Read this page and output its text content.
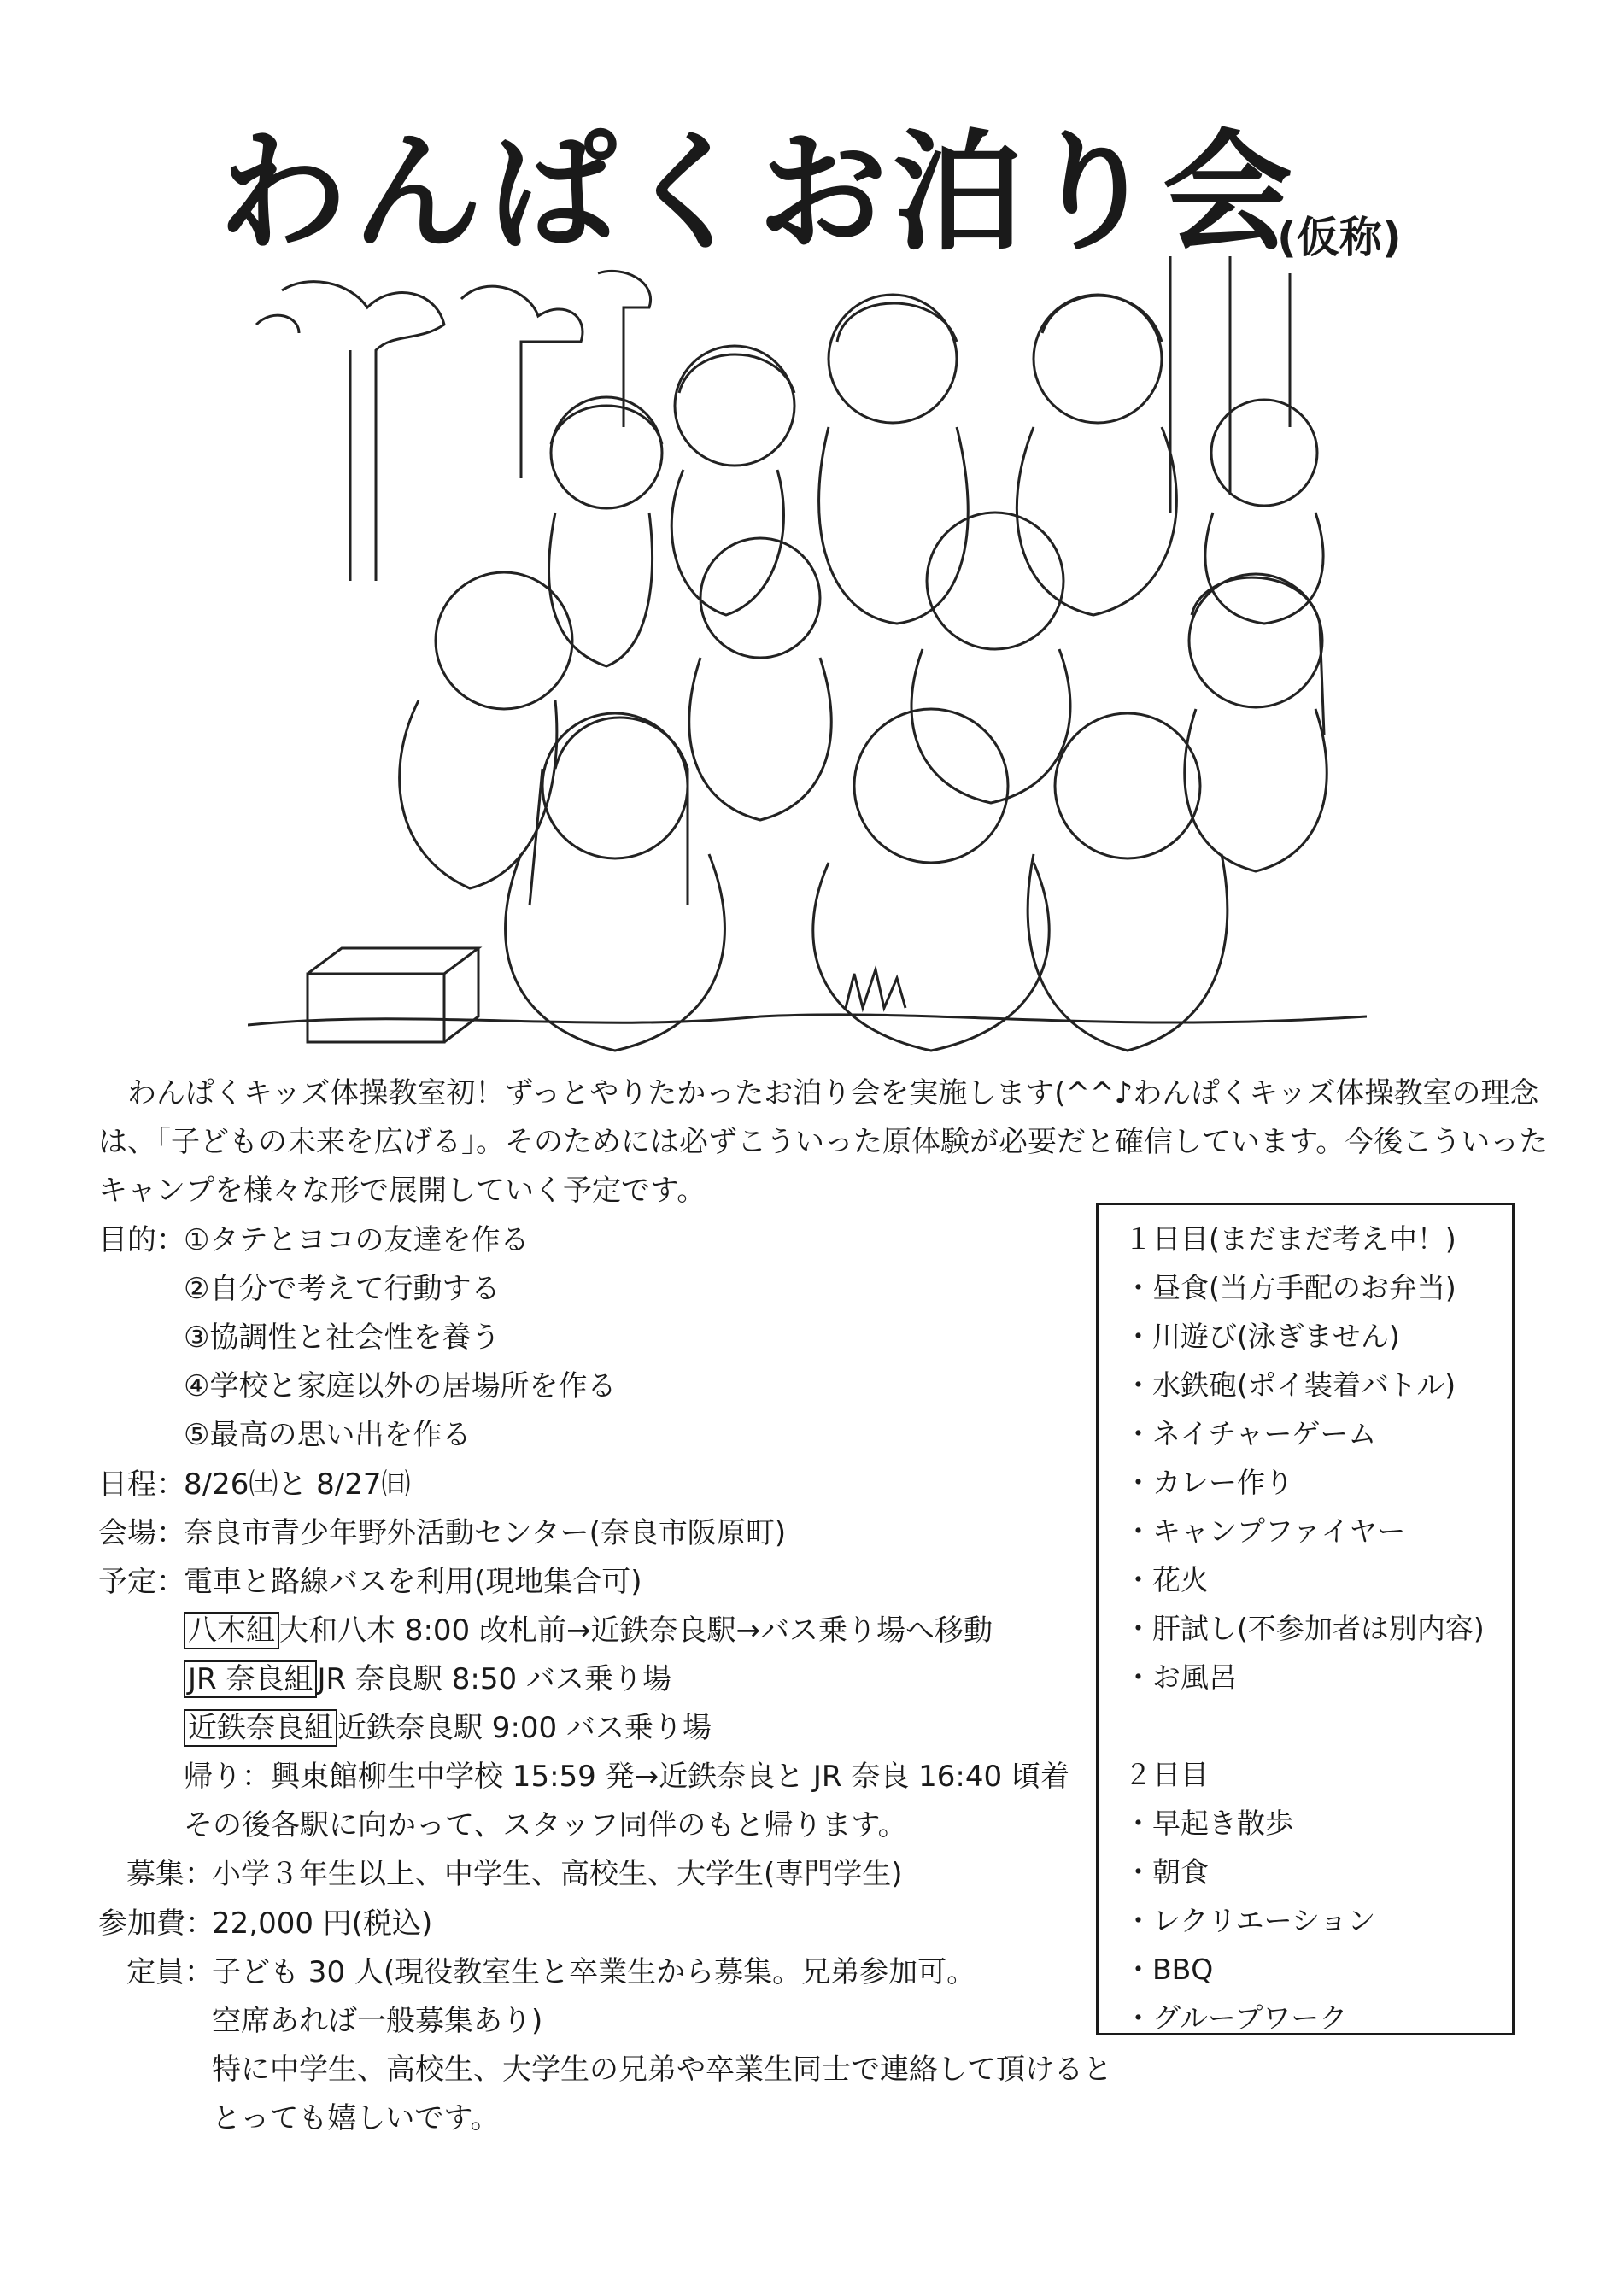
わんぱくお泊り会
(仮称)
　わんぱくキッズ体操教室初！ずっとやりたかったお泊り会を実施します(^^♪わんぱくキッズ体操教室の理念
は、「子どもの未来を広げる」。そのためには必ずこういった原体験が必要だと確信しています。今後こういった
キャンプを様々な形で展開していく予定です。
目的：
①タテとヨコの友達を作る
②自分で考えて行動する
③協調性と社会性を養う
④学校と家庭以外の居場所を作る
⑤最高の思い出を作る
日程：
8/26㈯と 8/27㈰
会場：
奈良市青少年野外活動センター(奈良市阪原町)
予定：
電車と路線バスを利用(現地集合可)
八木組 大和八木 8:00 改札前→近鉄奈良駅→バス乗り場へ移動
JR 奈良組 JR 奈良駅 8:50 バス乗り場
近鉄奈良組 近鉄奈良駅 9:00 バス乗り場
帰り：興東館柳生中学校 15:59 発→近鉄奈良と JR 奈良 16:40 頃着
その後各駅に向かって、スタッフ同伴のもと帰ります。
募集：
小学３年生以上、中学生、高校生、大学生(専門学生)
参加費：
22,000 円(税込)
定員：
子ども 30 人(現役教室生と卒業生から募集。兄弟参加可。
空席あれば一般募集あり)
特に中学生、高校生、大学生の兄弟や卒業生同士で連絡して頂けると
とっても嬉しいです。
１日目(まだまだ考え中！)
・昼食(当方手配のお弁当)
・川遊び(泳ぎません)
・水鉄砲(ポイ装着バトル)
・ネイチャーゲーム
・カレー作り
・キャンプファイヤー
・花火
・肝試し(不参加者は別内容)
・お風呂
２日目
・早起き散歩
・朝食
・レクリエーション
・BBQ
・グループワーク
